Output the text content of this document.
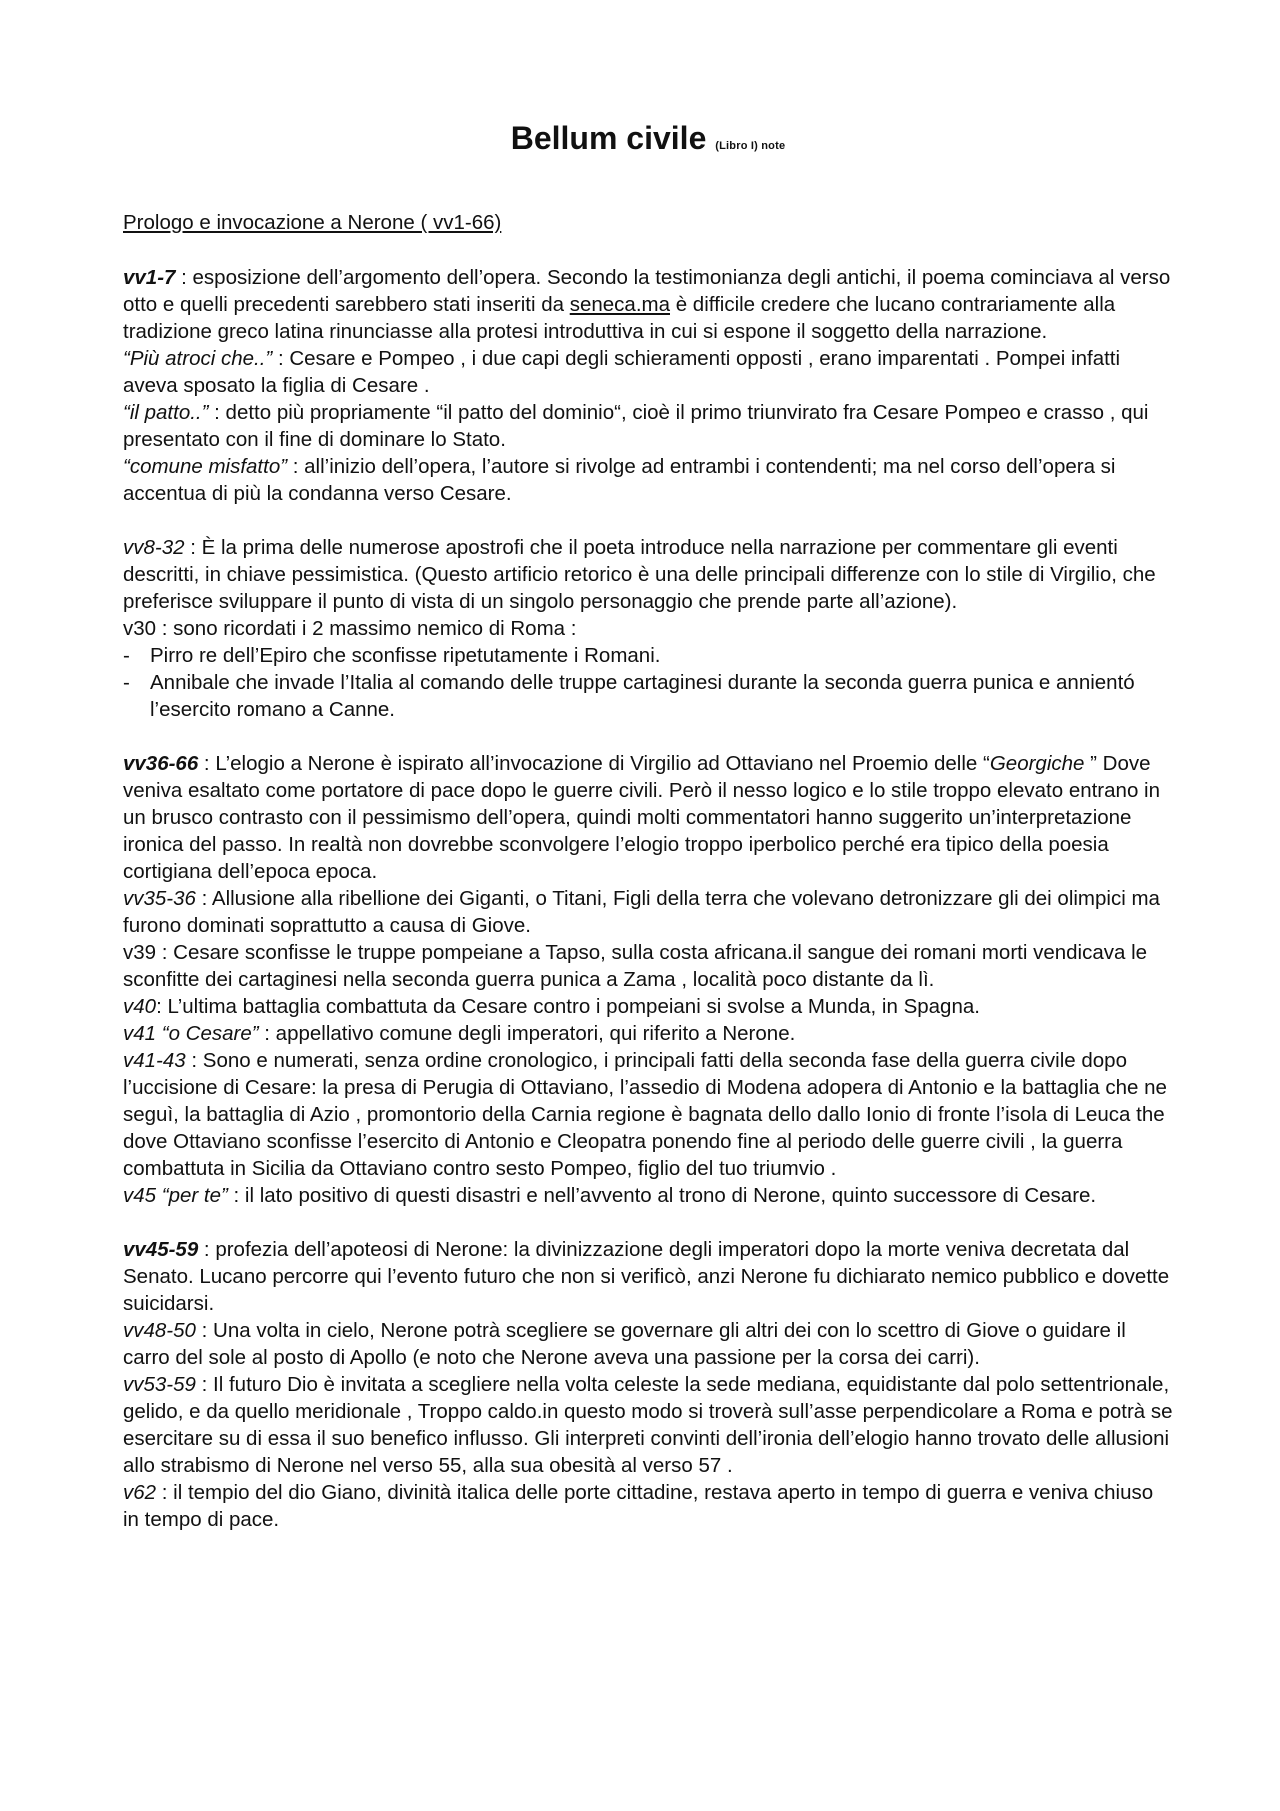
Bellum civile (Libro I) note

Prologo e invocazione a Nerone ( vv1-66)

vv1-7 : esposizione dell’argomento dell’opera. Secondo la testimonianza degli antichi, il poema cominciava al verso otto e quelli precedenti sarebbero stati inseriti da seneca.ma è difficile credere che lucano contrariamente alla tradizione greco latina rinunciasse alla protesi introduttiva in cui si espone il soggetto della narrazione.

“Più atroci che..” : Cesare e Pompeo , i due capi degli schieramenti opposti , erano imparentati . Pompei infatti aveva sposato la figlia di Cesare .

“il patto..” : detto più propriamente “il patto del dominio“, cioè il primo triunvirato fra Cesare Pompeo e crasso , qui presentato con il fine di dominare lo Stato.

“comune misfatto” : all’inizio dell’opera, l’autore si rivolge ad entrambi i contendenti; ma nel corso dell’opera si accentua di più la condanna verso Cesare.

vv8-32 : È la prima delle numerose apostrofi che il poeta introduce nella narrazione per commentare gli eventi descritti, in chiave pessimistica. (Questo artificio retorico è una delle principali differenze con lo stile di Virgilio, che preferisce sviluppare il punto di vista di un singolo personaggio che prende parte all’azione).

v30 : sono ricordati i 2 massimo nemico di Roma :

- Pirro re dell’Epiro che sconfisse ripetutamente i Romani.
- Annibale che invade l’Italia al comando delle truppe cartaginesi durante la seconda guerra punica e annientó l’esercito romano a Canne.

vv36-66 : L’elogio a Nerone è ispirato all’invocazione di Virgilio ad Ottaviano nel Proemio delle “Georgiche ” Dove veniva esaltato come portatore di pace dopo le guerre civili. Però il nesso logico e lo stile troppo elevato entrano in un brusco contrasto con il pessimismo dell’opera, quindi molti commentatori hanno suggerito un’interpretazione ironica del passo. In realtà non dovrebbe sconvolgere l’elogio troppo iperbolico perché era tipico della poesia cortigiana dell’epoca epoca.

vv35-36 : Allusione alla ribellione dei Giganti, o Titani, Figli della terra che volevano detronizzare gli dei olimpici ma furono dominati soprattutto a causa di Giove.

v39 : Cesare sconfisse le truppe pompeiane a Tapso, sulla costa africana.il sangue dei romani morti vendicava le sconfitte dei cartaginesi nella seconda guerra punica a Zama , località poco distante da lì.

v40: L’ultima battaglia combattuta da Cesare contro i pompeiani si svolse a Munda, in Spagna.

v41 “o Cesare” : appellativo comune degli imperatori, qui riferito a Nerone.

v41-43 : Sono e numerati, senza ordine cronologico, i principali fatti della seconda fase della guerra civile dopo l’uccisione di Cesare: la presa di Perugia di Ottaviano, l’assedio di Modena adopera di Antonio e la battaglia che ne seguì, la battaglia di Azio , promontorio della Carnia regione è bagnata dello dallo Ionio di fronte l’isola di Leuca the dove Ottaviano sconfisse l’esercito di Antonio e Cleopatra ponendo fine al periodo delle guerre civili , la guerra combattuta in Sicilia da Ottaviano contro sesto Pompeo, figlio del tuo triumvio .

v45 “per te” : il lato positivo di questi disastri e nell’avvento al trono di Nerone, quinto successore di Cesare.

vv45-59 : profezia dell’apoteosi di Nerone: la divinizzazione degli imperatori dopo la morte veniva decretata dal Senato. Lucano percorre qui l’evento futuro che non si verificò, anzi Nerone fu dichiarato nemico pubblico e dovette suicidarsi.

vv48-50 : Una volta in cielo, Nerone potrà scegliere se governare gli altri dei con lo scettro di Giove o guidare il carro del sole al posto di Apollo (e noto che Nerone aveva una passione per la corsa dei carri).

vv53-59 : Il futuro Dio è invitata a scegliere nella volta celeste la sede mediana, equidistante dal polo settentrionale, gelido, e da quello meridionale , Troppo caldo.in questo modo si troverà sull’asse perpendicolare a Roma e potrà se esercitare su di essa il suo benefico influsso. Gli interpreti convinti dell’ironia dell’elogio hanno trovato delle allusioni allo strabismo di Nerone nel verso 55, alla sua obesità al verso 57 .

v62 : il tempio del dio Giano, divinità italica delle porte cittadine, restava aperto in tempo di guerra e veniva chiuso in tempo di pace.
